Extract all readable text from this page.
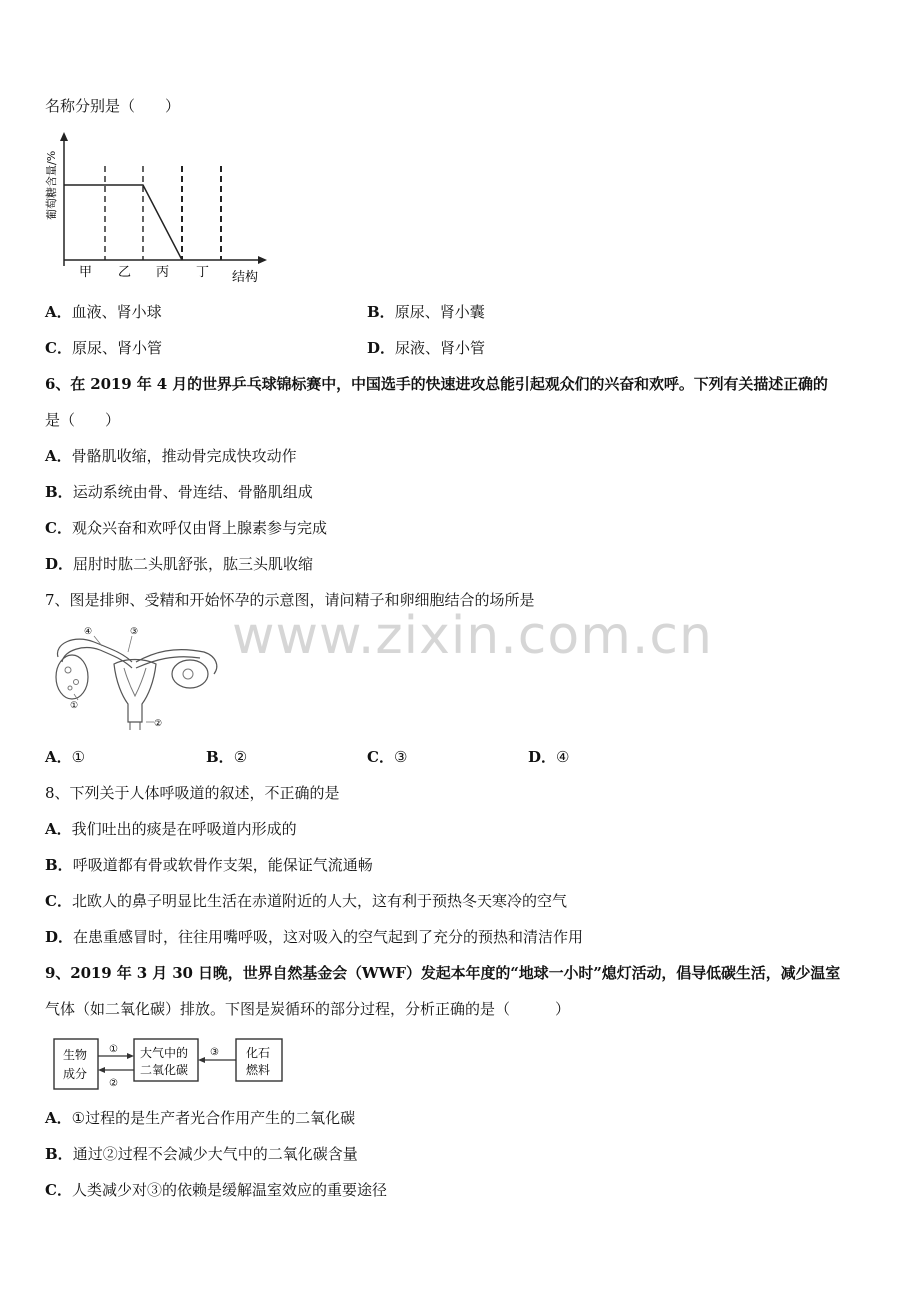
名称分别是（　　）
葡萄糖含量/%
甲 乙 丙 丁 结构
A．血液、肾小球	B．原尿、肾小囊
C．原尿、肾小管	D．尿液、肾小管
6、在 2019 年 4 月的世界乒乓球锦标赛中，中国选手的快速进攻总能引起观众们的兴奋和欢呼。下列有关描述正确的
是（　　）
A．骨骼肌收缩，推动骨完成快攻动作
B．运动系统由骨、骨连结、骨骼肌组成
C．观众兴奋和欢呼仅由肾上腺素参与完成
D．屈肘时肱二头肌舒张，肱三头肌收缩
7、图是排卵、受精和开始怀孕的示意图，请问精子和卵细胞结合的场所是
④	③
①
②
www.zixin.com.cn
A．①	B．②	C．③	D．④
8、下列关于人体呼吸道的叙述，不正确的是
A．我们吐出的痰是在呼吸道内形成的
B．呼吸道都有骨或软骨作支架，能保证气流通畅
C．北欧人的鼻子明显比生活在赤道附近的人大，这有利于预热冬天寒冷的空气
D．在患重感冒时，往往用嘴呼吸，这对吸入的空气起到了充分的预热和清洁作用
9、2019 年 3 月 30 日晚，世界自然基金会（WWF）发起本年度的“地球一小时”熄灯活动，倡导低碳生活，减少温室
气体（如二氧化碳）排放。下图是炭循环的部分过程，分析正确的是（　　　）
生物
成分
大气中的
二氧化碳
化石
燃料
①
②
③
A．①过程的是生产者光合作用产生的二氧化碳
B．通过②过程不会减少大气中的二氧化碳含量
C．人类减少对③的依赖是缓解温室效应的重要途径
